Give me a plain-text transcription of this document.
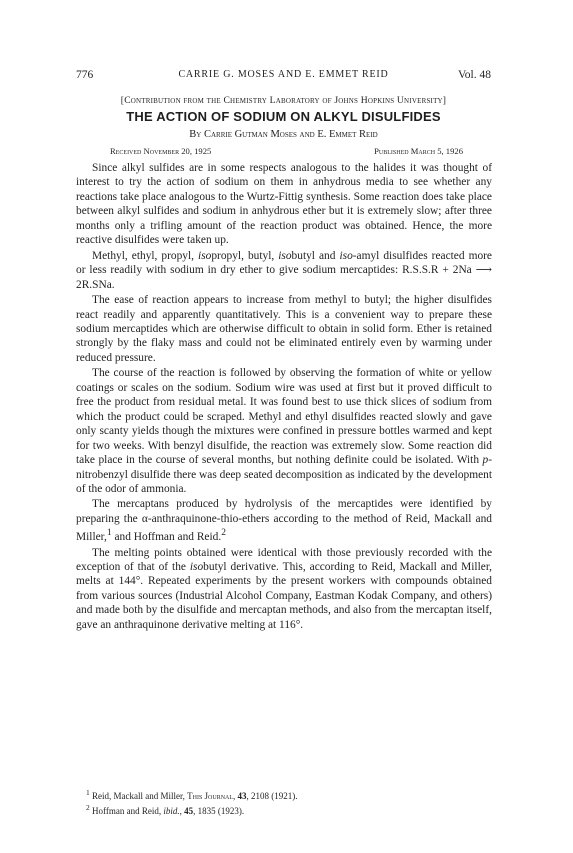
776	CARRIE G. MOSES AND E. EMMET REID	Vol. 48
[Contribution from the Chemistry Laboratory of Johns Hopkins University]
THE ACTION OF SODIUM ON ALKYL DISULFIDES
By Carrie Gutman Moses and E. Emmet Reid
Received November 20, 1925	Published March 5, 1926

Since alkyl sulfides are in some respects analogous to the halides it was thought of interest to try the action of sodium on them in anhydrous media to see whether any reactions take place analogous to the Wurtz-Fittig synthesis. Some reaction does take place between alkyl sulfides and sodium in anhydrous ether but it is extremely slow; after three months only a trifling amount of the reaction product was obtained. Hence, the more reactive disulfides were taken up.

Methyl, ethyl, propyl, isopropyl, butyl, isobutyl and iso-amyl disulfides reacted more or less readily with sodium in dry ether to give sodium mercaptides: R.S.S.R + 2Na ⟶ 2R.SNa.

The ease of reaction appears to increase from methyl to butyl; the higher disulfides react readily and apparently quantitatively. This is a convenient way to prepare these sodium mercaptides which are otherwise difficult to obtain in solid form. Ether is retained strongly by the flaky mass and could not be eliminated entirely even by warming under reduced pressure.

The course of the reaction is followed by observing the formation of white or yellow coatings or scales on the sodium. Sodium wire was used at first but it proved difficult to free the product from residual metal. It was found best to use thick slices of sodium from which the product could be scraped. Methyl and ethyl disulfides reacted slowly and gave only scanty yields though the mixtures were confined in pressure bottles warmed and kept for two weeks. With benzyl disulfide, the reaction was extremely slow. Some reaction did take place in the course of several months, but nothing definite could be isolated. With p-nitrobenzyl disulfide there was deep seated decomposition as indicated by the development of the odor of ammonia.

The mercaptans produced by hydrolysis of the mercaptides were identified by preparing the α-anthraquinone-thio-ethers according to the method of Reid, Mackall and Miller,$^1$ and Hoffman and Reid.$^2$

The melting points obtained were identical with those previously recorded with the exception of that of the isobutyl derivative. This, according to Reid, Mackall and Miller, melts at 144°. Repeated experiments by the present workers with compounds obtained from various sources (Industrial Alcohol Company, Eastman Kodak Company, and others) and made both by the disulfide and mercaptan methods, and also from the mercaptan itself, gave an anthraquinone derivative melting at 116°.

$^1$ Reid, Mackall and Miller, This Journal, 43, 2108 (1921).

$^2$ Hoffman and Reid, ibid., 45, 1835 (1923).
